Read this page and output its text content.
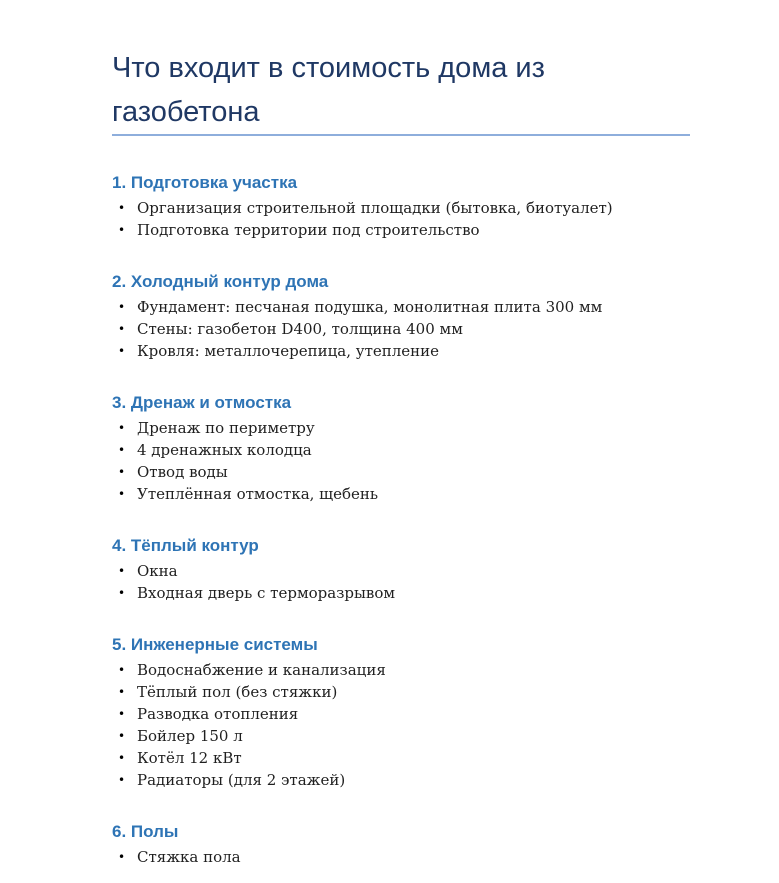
Что входит в стоимость дома из газобетона
1. Подготовка участка
• Организация строительной площадки (бытовка, биотуалет)
• Подготовка территории под строительство
2. Холодный контур дома
• Фундамент: песчаная подушка, монолитная плита 300 мм
• Стены: газобетон D400, толщина 400 мм
• Кровля: металлочерепица, утепление
3. Дренаж и отмостка
• Дренаж по периметру
• 4 дренажных колодца
• Отвод воды
• Утеплённая отмостка, щебень
4. Тёплый контур
• Окна
• Входная дверь с терморазрывом
5. Инженерные системы
• Водоснабжение и канализация
• Тёплый пол (без стяжки)
• Разводка отопления
• Бойлер 150 л
• Котёл 12 кВт
• Радиаторы (для 2 этажей)
6. Полы
• Стяжка пола
